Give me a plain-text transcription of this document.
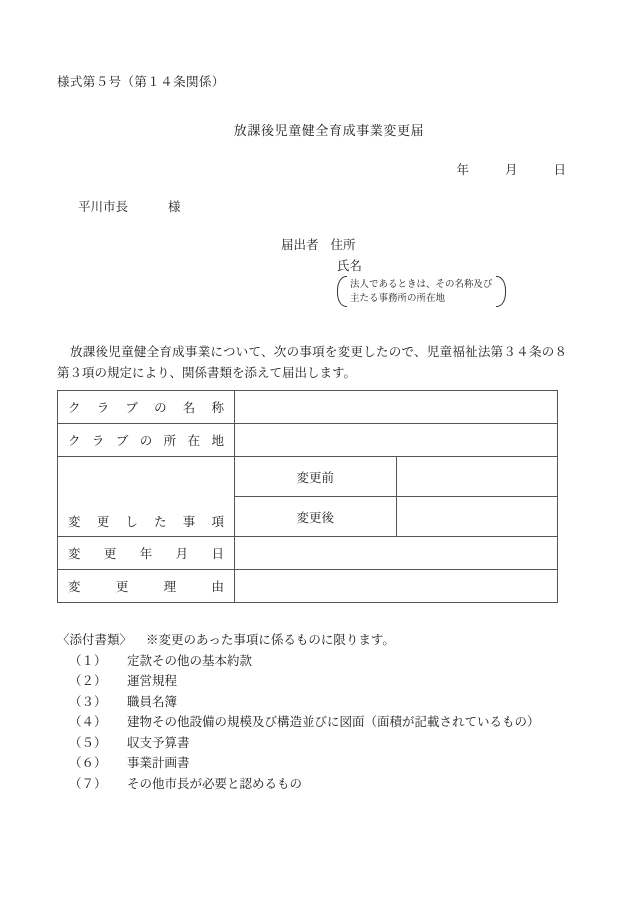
様式第５号（第１４条関係）
放課後児童健全育成事業変更届
年	月	日
平川市長	様
届出者 住所
氏名
法人であるときは、その名称及び
主たる事務所の所在地
放課後児童健全育成事業について、次の事項を変更したので、児童福祉法第３４条の８第３項の規定により、関係書類を添えて届出します。
クラブの名称		
クラブの所在地		
変更した事項	変更前	
	変更後	
変更年月日		
変更理由		
〈添付書類〉 ※変更のあった事項に係るものに限ります。
（１）	定款その他の基本約款
（２）	運営規程
（３）	職員名簿
（４）	建物その他設備の規模及び構造並びに図面（面積が記載されているもの）
（５）	収支予算書
（６）	事業計画書
（７）	その他市長が必要と認めるもの
